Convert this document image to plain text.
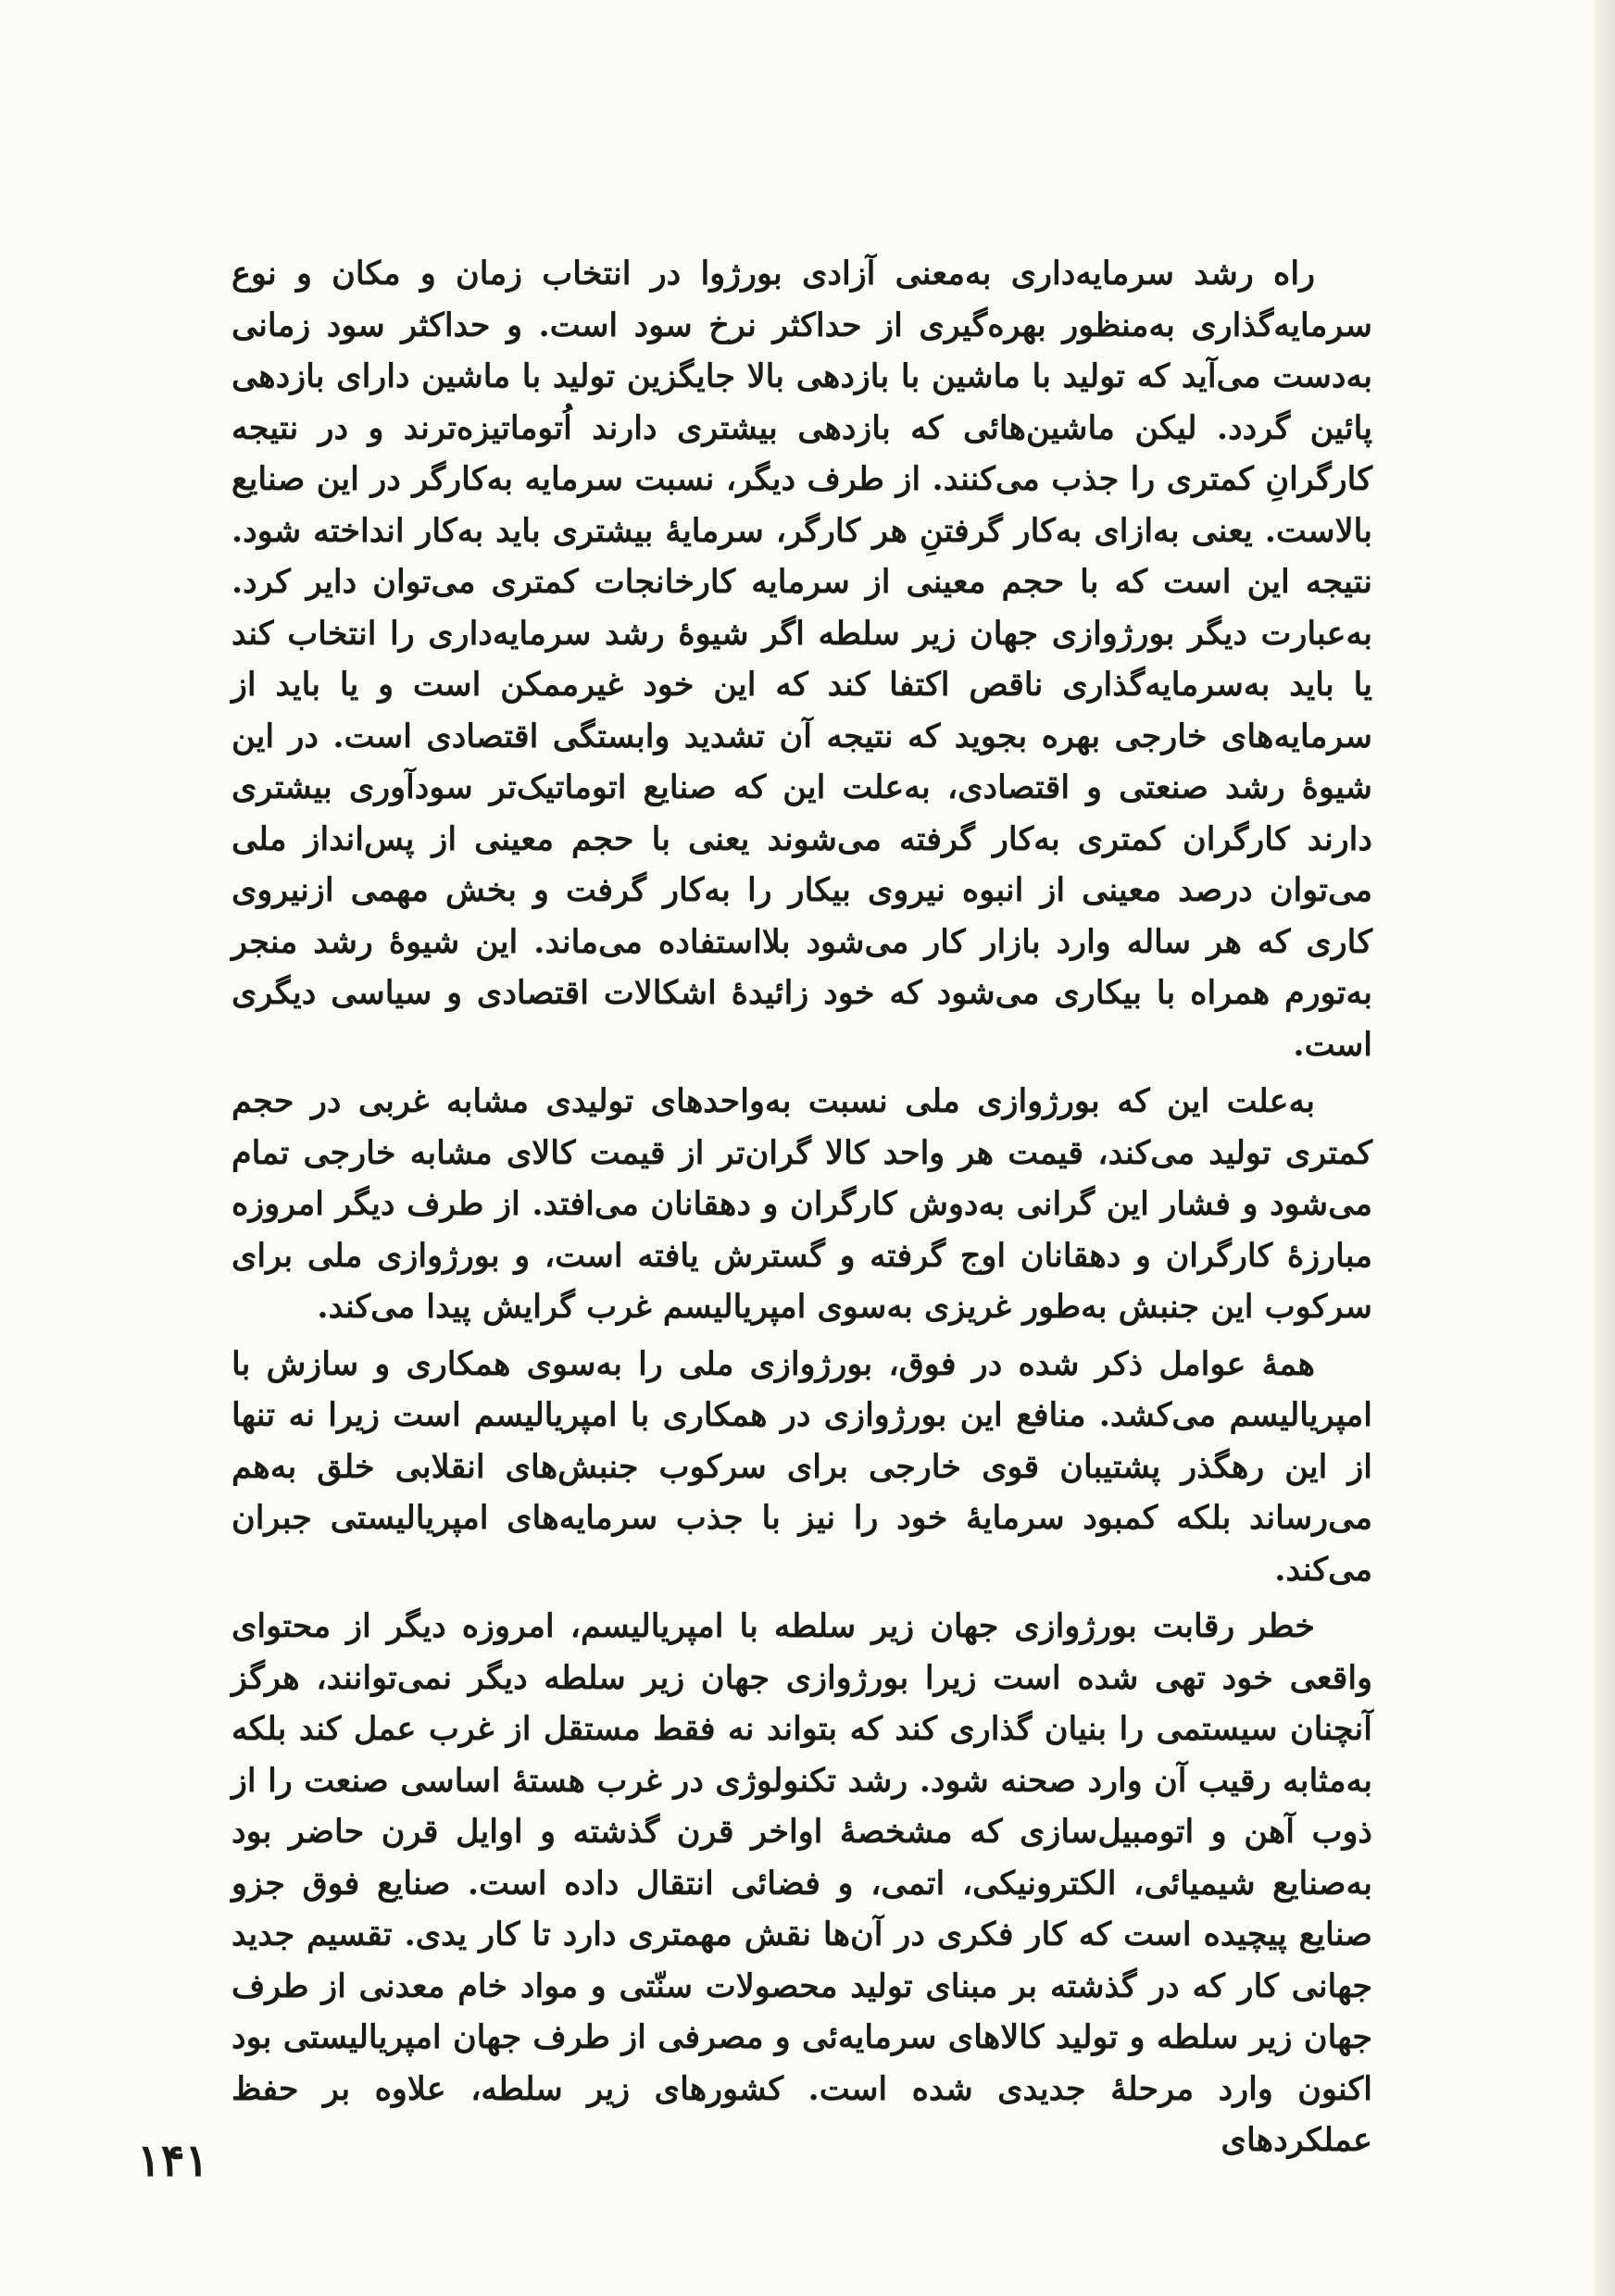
راه رشد سرمایه‌داری به‌معنی آزادی بورژوا در انتخاب زمان و مکان و نوع سرمایه‌گذاری به‌منظور بهره‌گیری از حداکثر نرخ سود است. و حداکثر سود زمانی به‌دست می‌آید که تولید با ماشین با بازدهی بالا جایگزین تولید با ماشین دارای بازدهی پائین گردد. لیکن ماشین‌هائی که بازدهی بیشتری دارند اُتوماتیزه‌ترند و در نتیجه کارگرانِ کمتری را جذب می‌کنند. از طرف دیگر، نسبت سرمایه به‌کارگر در این صنایع بالاست. یعنی به‌ازای به‌کار گرفتنِ هر کارگر، سرمایهٔ بیشتری باید به‌کار انداخته شود. نتیجه این است که با حجم معینی از سرمایه کارخانجات کمتری می‌توان دایر کرد. به‌عبارت دیگر بورژوازی جهان زیر سلطه اگر شیوهٔ رشد سرمایه‌داری را انتخاب کند یا باید به‌سرمایه‌گذاری ناقص اکتفا کند که این خود غیرممکن است و یا باید از سرمایه‌های خارجی بهره بجوید که نتیجه آن تشدید وابستگی اقتصادی است. در این شیوهٔ رشد صنعتی و اقتصادی، به‌علت این که صنایع اتوماتیک‌تر سودآوری بیشتری دارند کارگران کمتری به‌کار گرفته می‌شوند یعنی با حجم معینی از پس‌انداز ملی می‌توان درصد معینی از انبوه نیروی بیکار را به‌کار گرفت و بخش مهمی ازنیروی کاری که هر ساله وارد بازار کار می‌شود بلااستفاده می‌ماند. این شیوهٔ رشد منجر به‌تورم همراه با بیکاری می‌شود که خود زائیدهٔ اشکالات اقتصادی و سیاسی دیگری است.

به‌علت این که بورژوازی ملی نسبت به‌واحدهای تولیدی مشابه غربی در حجم کمتری تولید می‌کند، قیمت هر واحد کالا گران‌تر از قیمت کالای مشابه خارجی تمام می‌شود و فشار این گرانی به‌دوش کارگران و دهقانان می‌افتد. از طرف دیگر امروزه مبارزهٔ کارگران و دهقانان اوج گرفته و گسترش یافته است، و بورژوازی ملی برای سرکوب این جنبش به‌طور غریزی به‌سوی امپریالیسم غرب گرایش پیدا می‌کند.

همهٔ عوامل ذکر شده در فوق، بورژوازی ملی را به‌سوی همکاری و سازش با امپریالیسم می‌کشد. منافع این بورژوازی در همکاری با امپریالیسم است زیرا نه تنها از این رهگذر پشتیبان قوی خارجی برای سرکوب جنبش‌های انقلابی خلق به‌هم می‌رساند بلکه کمبود سرمایهٔ خود را نیز با جذب سرمایه‌های امپریالیستی جبران می‌کند.

خطر رقابت بورژوازی جهان زیر سلطه با امپریالیسم، امروزه دیگر از محتوای واقعی خود تهی شده است زیرا بورژوازی جهان زیر سلطه دیگر نمی‌توانند، هرگز آنچنان سیستمی را بنیان گذاری کند که بتواند نه فقط مستقل از غرب عمل کند بلکه به‌مثابه رقیب آن وارد صحنه شود. رشد تکنولوژی در غرب هستهٔ اساسی صنعت را از ذوب آهن و اتومبیل‌سازی که مشخصهٔ اواخر قرن گذشته و اوایل قرن حاضر بود به‌صنایع شیمیائی، الکترونیکی، اتمی، و فضائی انتقال داده است. صنایع فوق جزو صنایع پیچیده است که کار فکری در آن‌ها نقش مهمتری دارد تا کار یدی. تقسیم جدید جهانی کار که در گذشته بر مبنای تولید محصولات سنّتی و مواد خام معدنی از طرف جهان زیر سلطه و تولید کالاهای سرمایه‌ئی و مصرفی از طرف جهان امپریالیستی بود اکنون وارد مرحلهٔ جدیدی شده است. کشورهای زیر سلطه، علاوه بر حفظ عملکردهای

۱۴۱
